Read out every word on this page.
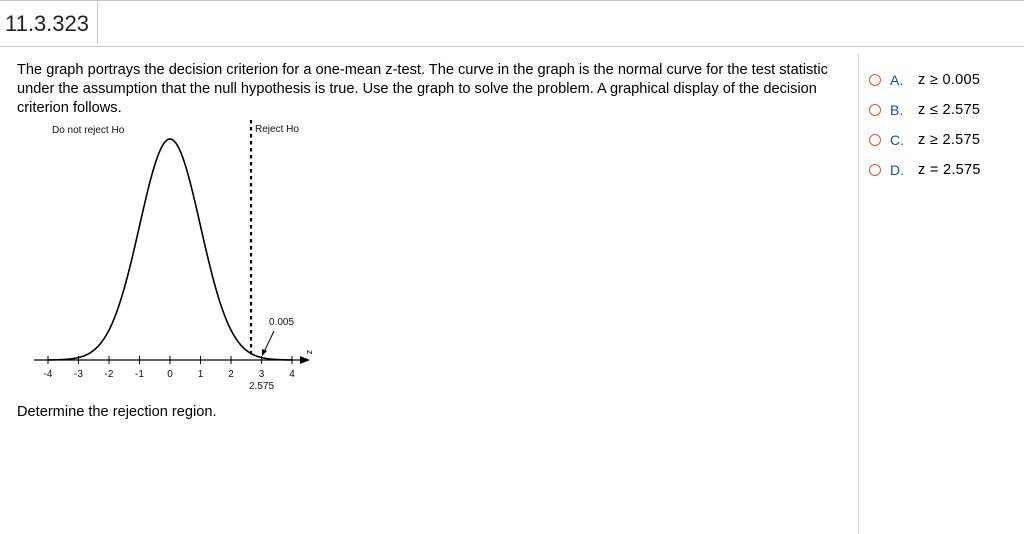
11.3.323
The graph portrays the decision criterion for a one-mean z-test. The curve in the graph is the normal curve for the test statistic under the assumption that the null hypothesis is true. Use the graph to solve the problem. A graphical display of the decision criterion follows.
Do not reject Ho	Reject Ho
z
-4 -3 -2 -1 0 1 2 3 4
0.005
2.575
Determine the rejection region.
A.	z ≥ 0.005
B.	z ≤ 2.575
C. z ≥ 2.575
D. z = 2.575
